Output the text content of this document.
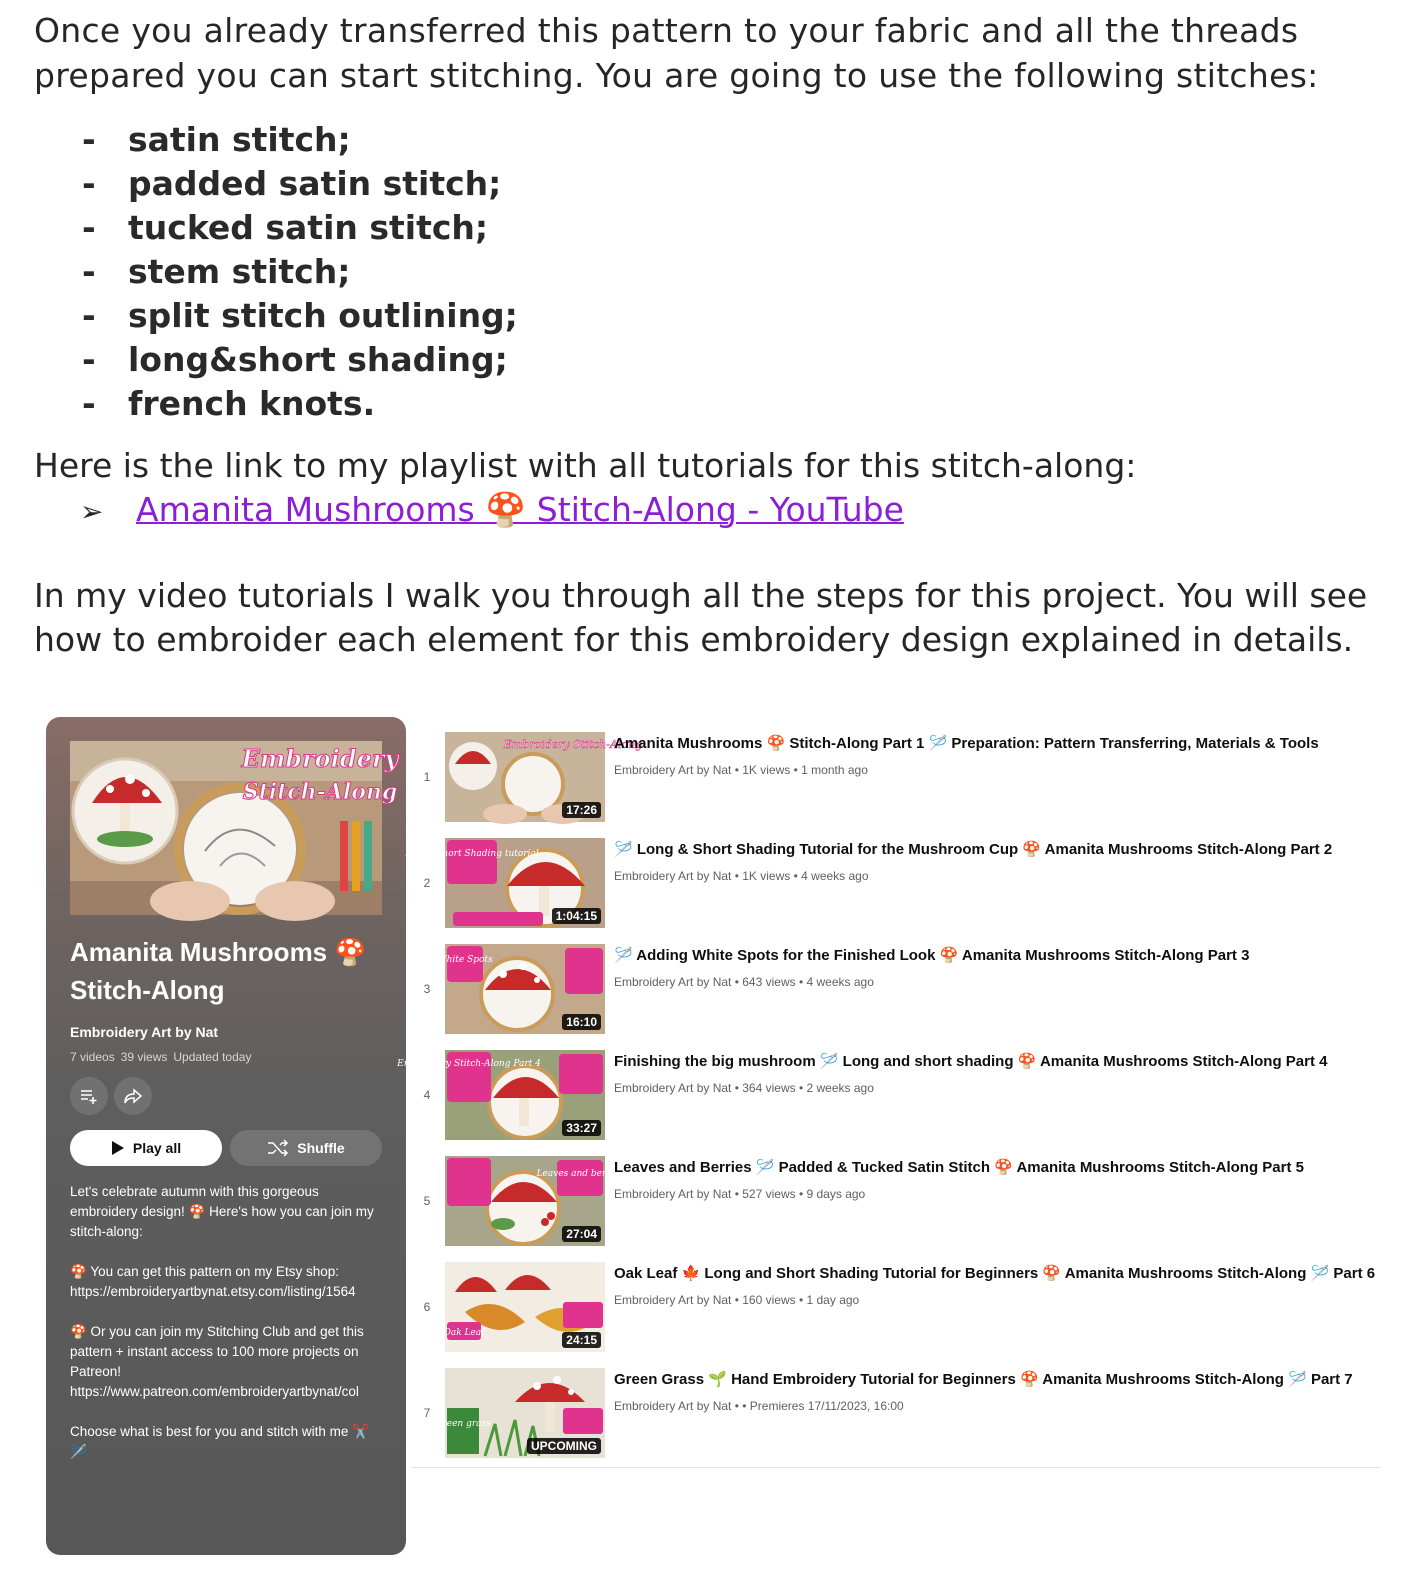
Once you already transferred this pattern to your fabric and all the threads

prepared you can start stitching. You are going to use the following stitches:

- satin stitch;
- padded satin stitch;
- tucked satin stitch;
- stem stitch;
- split stitch outlining;
- long&short shading;
- french knots.
Here is the link to my playlist with all tutorials for this stitch-along:
➢ Amanita Mushrooms 🍄 Stitch-Along - YouTube

In my video tutorials I walk you through all the steps for this project. You will see

how to embroider each element for this embroidery design explained in details.

Embroidery
Stitch-Along
Amanita Mushrooms 🍄
Stitch-Along
Embroidery Art by Nat
7 videos 39 views Updated today
Play all	Shuffle

Let's celebrate autumn with this gorgeous embroidery design! 🍄 Here's how you can join my stitch-along:

🍄 You can get this pattern on my Etsy shop:

https://embroideryartbynat.etsy.com/listing/1564

🍄 Or you can join my Stitching Club and get this pattern + instant access to 100 more projects on Patreon!

https://www.patreon.com/embroideryartbynat/col

Choose what is best for you and stitch with me ✂️
🪡
1
Embroidery Stitch-Along
17:26
Amanita Mushrooms 🍄 Stitch-Along Part 1 🪡 Preparation: Pattern Transferring, Materials & Tools
Embroidery Art by Nat • 1K views • 1 month ago
2
Long&Short Shading tutorial
1:04:15
🪡 Long & Short Shading Tutorial for the Mushroom Cup 🍄 Amanita Mushrooms Stitch-Along Part 2
Embroidery Art by Nat • 1K views • 4 weeks ago
3
White Spots
16:10
🪡 Adding White Spots for the Finished Look 🍄 Amanita Mushrooms Stitch-Along Part 3
Embroidery Art by Nat • 643 views • 4 weeks ago
4
Embroidery Stitch-Along Part 4
33:27
Finishing the big mushroom 🪡 Long and short shading 🍄 Amanita Mushrooms Stitch-Along Part 4
Embroidery Art by Nat • 364 views • 2 weeks ago
5
Leaves and berries
27:04
Leaves and Berries 🪡 Padded & Tucked Satin Stitch 🍄 Amanita Mushrooms Stitch-Along Part 5
Embroidery Art by Nat • 527 views • 9 days ago
6
Oak Leaf	24:15
Oak Leaf 🍁 Long and Short Shading Tutorial for Beginners 🍄 Amanita Mushrooms Stitch-Along 🪡 Part 6
Embroidery Art by Nat • 160 views • 1 day ago
7
Green grass
UPCOMING
Green Grass 🌱 Hand Embroidery Tutorial for Beginners 🍄 Amanita Mushrooms Stitch-Along 🪡 Part 7
Embroidery Art by Nat • • Premieres 17/11/2023, 16:00
